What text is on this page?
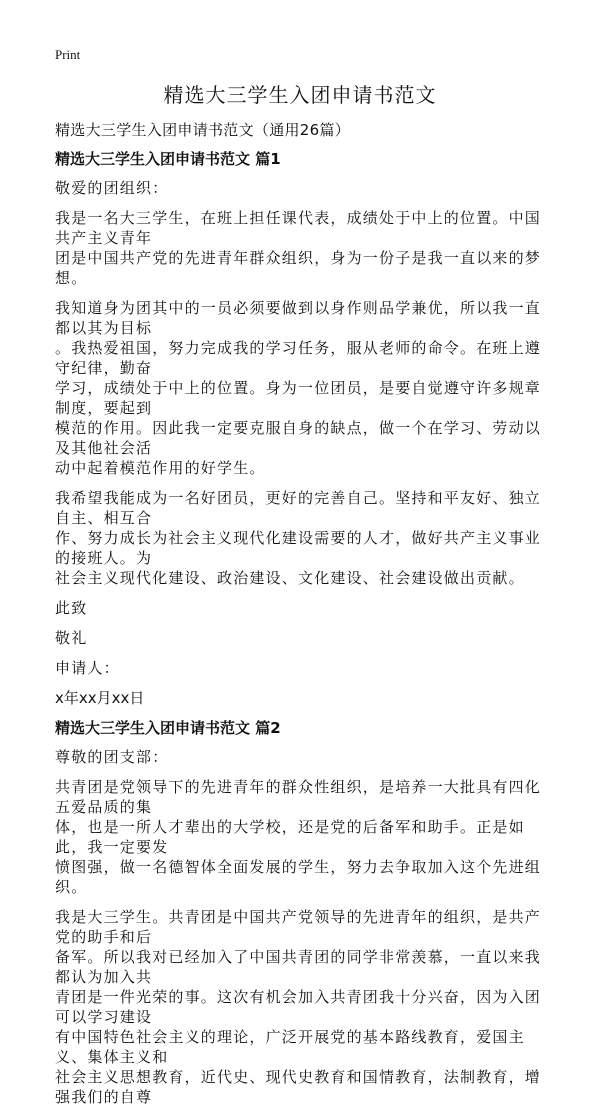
Print
精选大三学生入团申请书范文

精选大三学生入团申请书范文（通用26篇）

精选大三学生入团申请书范文 篇1

敬爱的团组织：

我是一名大三学生，在班上担任课代表，成绩处于中上的位置。中国共产主义青年
团是中国共产党的先进青年群众组织，身为一份子是我一直以来的梦想。

我知道身为团其中的一员必须要做到以身作则品学兼优，所以我一直都以其为目标
。我热爱祖国，努力完成我的学习任务，服从老师的命令。在班上遵守纪律，勤奋
学习，成绩处于中上的位置。身为一位团员，是要自觉遵守许多规章制度，要起到
模范的作用。因此我一定要克服自身的缺点，做一个在学习、劳动以及其他社会活
动中起着模范作用的好学生。

我希望我能成为一名好团员，更好的完善自己。坚持和平友好、独立自主、相互合
作、努力成长为社会主义现代化建设需要的人才，做好共产主义事业的接班人。为
社会主义现代化建设、政治建设、文化建设、社会建设做出贡献。

此致

敬礼

申请人：

x年xx月xx日

精选大三学生入团申请书范文 篇2

尊敬的团支部：

共青团是党领导下的先进青年的群众性组织，是培养一大批具有四化五爱品质的集
体，也是一所人才辈出的大学校，还是党的后备军和助手。正是如此，我一定要发
愤图强，做一名德智体全面发展的学生，努力去争取加入这个先进组织。

我是大三学生。共青团是中国共产党领导的先进青年的组织，是共产党的助手和后
备军。所以我对已经加入了中国共青团的同学非常羡慕，一直以来我都认为加入共
青团是一件光荣的事。这次有机会加入共青团我十分兴奋，因为入团可以学习建设
有中国特色社会主义的理论，广泛开展党的基本路线教育，爱国主义、集体主义和
社会主义思想教育，近代史、现代史教育和国情教育，法制教育，增强我们的自尊
